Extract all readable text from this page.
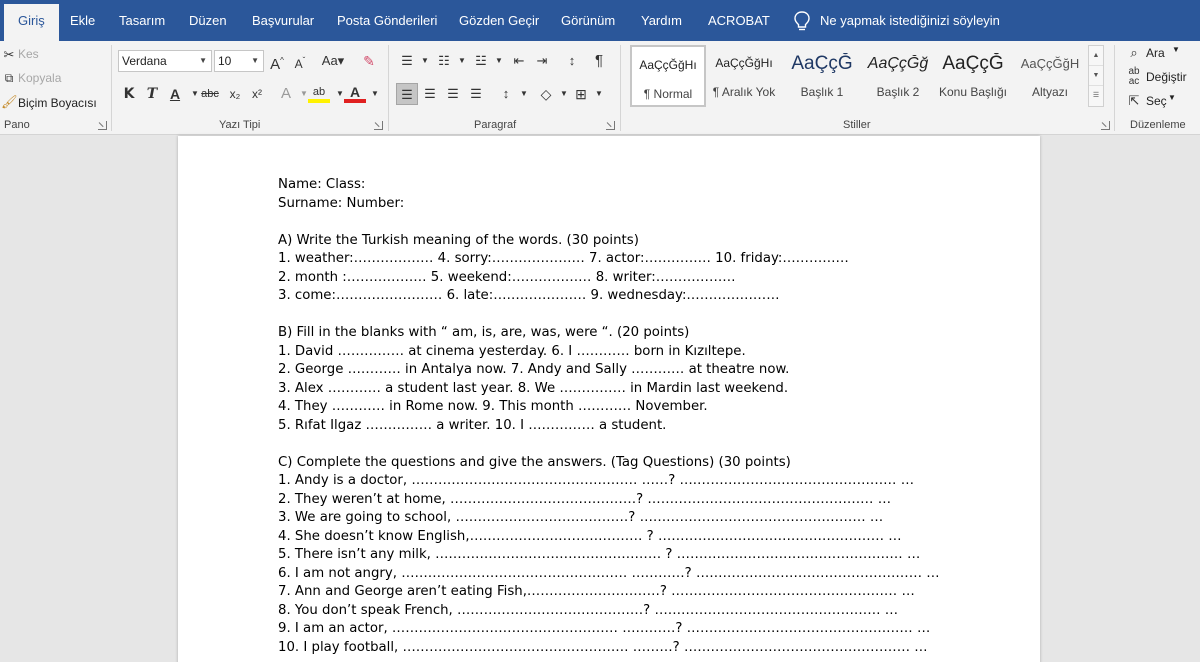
Giriş	Ekle Tasarım Düzen Başvurular Posta Gönderileri Gözden Geçir Görünüm Yardım ACROBAT	Ne yapmak istediğinizi söyleyin
✂ Kes
⧉ Kopyala
🖌 Biçim Boyacısı
Pano
Verdana	▼ 10 ▼ A^ $A^ˇ$	Aa▾	✎
K T A	▼ abc x₂ x²	A	▼ ab	▼ A	▼
Yazı Tipi
☰	▼ ☷	▼ ☳	▼ ⇤ ⇥	↕	¶
☰ ☰ ☰ ☰	↕	▼ ◇	▼ ⊞	▼
Paragraf
AaÇçĞğHı
¶ Normal
AaÇçĞğHı
¶ Aralık Yok
AaÇçĞ
Başlık 1
AaÇçĞğ
Başlık 2
AaÇçĞ
Konu Başlığı
AaÇçĞğH
Altyazı
▲
▼
☰
Stiller
⌕ Ara ▼
ab
ac Değiştir
⇱ Seç ▼
Düzenleme
Name: Class:
Surname: Number:
A) Write the Turkish meaning of the words. (30 points)
1. weather:……………… 4. sorry:………………… 7. actor:…………… 10. friday:……………
2. month :……………… 5. weekend:……………… 8. writer:………………
3. come:…………………… 6. late:………………… 9. wednesday:…………………
B) Fill in the blanks with “ am, is, are, was, were “. (20 points)
1. David …………… at cinema yesterday. 6. I ………… born in Kızıltepe.
2. George ………… in Antalya now. 7. Andy and Sally ………… at theatre now.
3. Alex ………… a student last year. 8. We …………… in Mardin last weekend.
4. They ………… in Rome now. 9. This month ………… November.
5. Rıfat Ilgaz …………… a writer. 10. I …………… a student.
C) Complete the questions and give the answers. (Tag Questions) (30 points)
1. Andy is a doctor, …………………………………………… ……? ….……………………………………… …
2. They weren’t at home, ……………………………………? …………………………………………… …
3. We are going to school, …………………………………? …………………………………………… …
4. She doesn’t know English,………………………………… ? …………………………………………… …
5. There isn’t any milk, …………………………………………… ? …………………………………………… …
6. I am not angry, …………………………………………… …………? …………………………………………… …
7. Ann and George aren’t eating Fish,…………………………? …………………………………………… …
8. You don’t speak French, ……………………………………? …………………………………………… …
9. I am an actor, …………………………………………… …………? …………………………………………… …
10. I play football, …………………………………………… ………? …………………………………………… …
